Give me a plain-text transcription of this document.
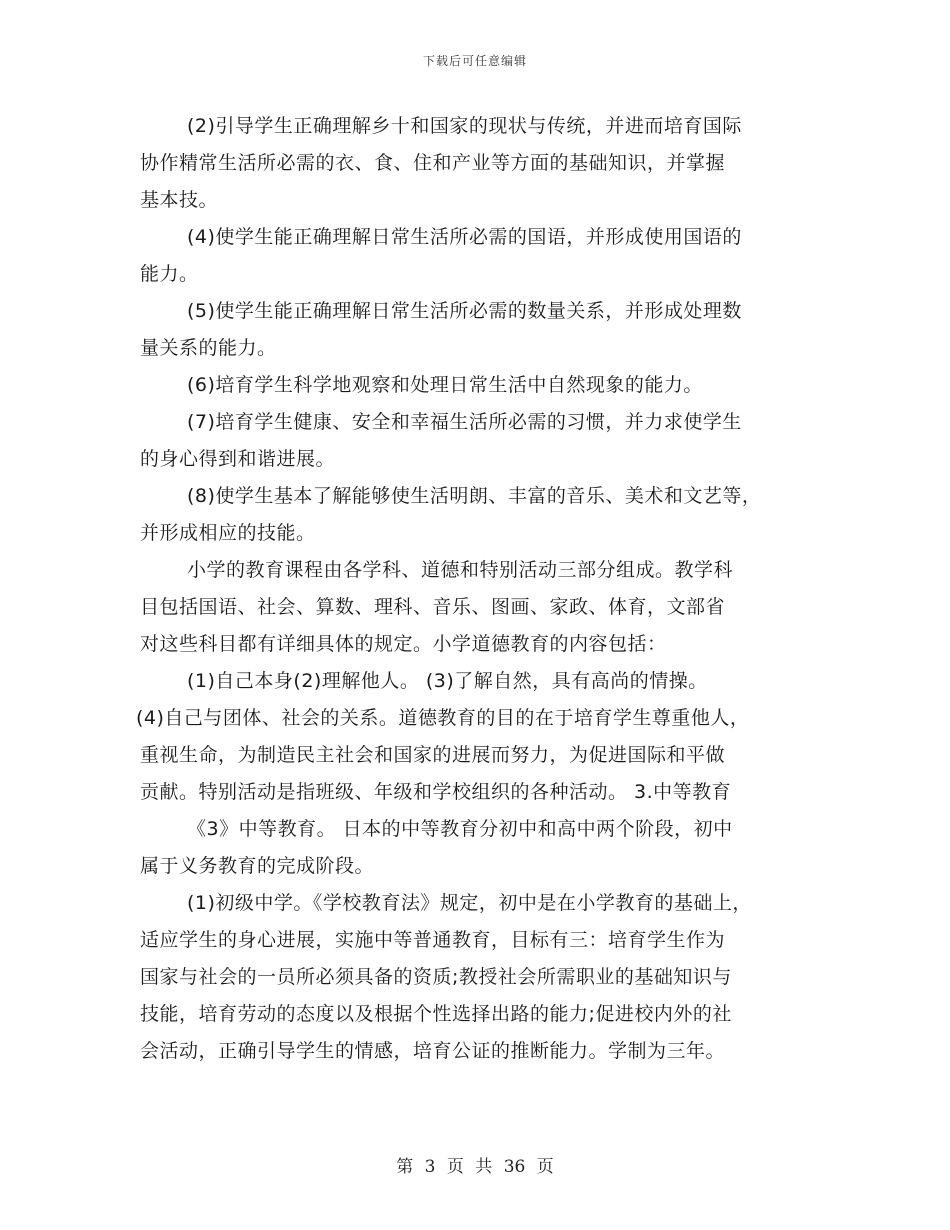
下载后可任意编辑
(2)引导学生正确理解乡十和国家的现状与传统，并进而培育国际
协作精常生活所必需的衣、食、住和产业等方面的基础知识，并掌握
基本技。
(4)使学生能正确理解日常生活所必需的国语，并形成使用国语的
能力。
(5)使学生能正确理解日常生活所必需的数量关系，并形成处理数
量关系的能力。
(6)培育学生科学地观察和处理日常生活中自然现象的能力。
(7)培育学生健康、安全和幸福生活所必需的习惯，并力求使学生
的身心得到和谐进展。
(8)使学生基本了解能够使生活明朗、丰富的音乐、美术和文艺等，
并形成相应的技能。
小学的教育课程由各学科、道德和特别活动三部分组成。教学科
目包括国语、社会、算数、理科、音乐、图画、家政、体育，文部省
对这些科目都有详细具体的规定。小学道德教育的内容包括：
(1)自己本身(2)理解他人。 (3)了解自然，具有高尚的情操。
(4)自己与团体、社会的关系。道德教育的目的在于培育学生尊重他人，
重视生命，为制造民主社会和国家的进展而努力，为促进国际和平做
贡献。特别活动是指班级、年级和学校组织的各种活动。 3.中等教育
《3》中等教育。 日本的中等教育分初中和高中两个阶段，初中
属于义务教育的完成阶段。
(1)初级中学。《学校教育法》规定，初中是在小学教育的基础上，
适应学生的身心进展，实施中等普通教育，目标有三：培育学生作为
国家与社会的一员所必须具备的资质;教授社会所需职业的基础知识与
技能，培育劳动的态度以及根据个性选择出路的能力;促进校内外的社
会活动，正确引导学生的情感，培育公证的推断能力。学制为三年。
第 3 页 共 36 页
